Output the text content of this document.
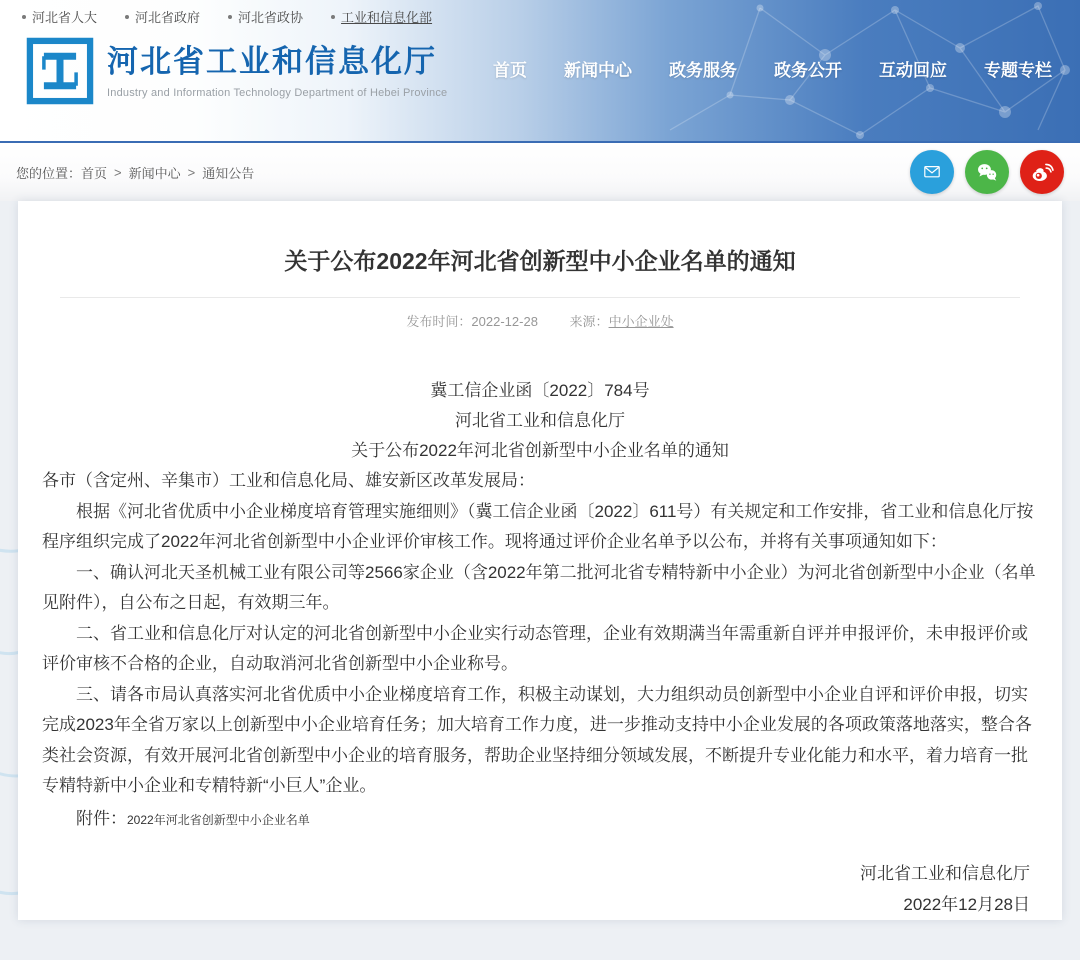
河北省人大	河北省政府	河北省政协	工业和信息化部
河北省工业和信息化厅
Industry and Information Technology Department of Hebei Province
首页 新闻中心 政务服务 政务公开 互动回应 专题专栏
您的位置： 首页 > 新闻中心 > 通知公告
关于公布2022年河北省创新型中小企业名单的通知
发布时间：2022-12-28 来源：中小企业处
冀工信企业函〔2022〕784号
河北省工业和信息化厅
关于公布2022年河北省创新型中小企业名单的通知

各市（含定州、辛集市）工业和信息化局、雄安新区改革发展局：

根据《河北省优质中小企业梯度培育管理实施细则》（冀工信企业函〔2022〕611号）有关规定和工作安排，省工业和信息化厅按程序组织完成了2022年河北省创新型中小企业评价审核工作。现将通过评价企业名单予以公布，并将有关事项通知如下：

一、确认河北天圣机械工业有限公司等2566家企业（含2022年第二批河北省专精特新中小企业）为河北省创新型中小企业（名单见附件），自公布之日起，有效期三年。

二、省工业和信息化厅对认定的河北省创新型中小企业实行动态管理，企业有效期满当年需重新自评并申报评价，未申报评价或评价审核不合格的企业，自动取消河北省创新型中小企业称号。

三、请各市局认真落实河北省优质中小企业梯度培育工作，积极主动谋划，大力组织动员创新型中小企业自评和评价申报，切实完成2023年全省万家以上创新型中小企业培育任务；加大培育工作力度，进一步推动支持中小企业发展的各项政策落地落实，整合各类社会资源，有效开展河北省创新型中小企业的培育服务，帮助企业坚持细分领域发展，不断提升专业化能力和水平，着力培育一批专精特新中小企业和专精特新“小巨人”企业。

附件：2022年河北省创新型中小企业名单

河北省工业和信息化厅
2022年12月28日
